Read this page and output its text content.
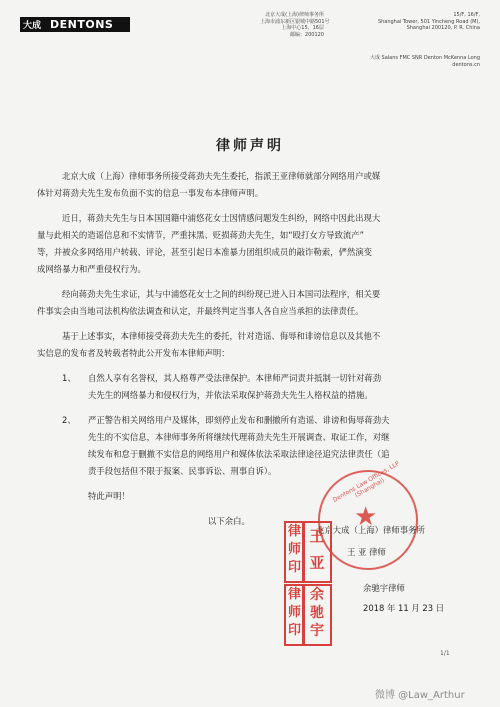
大成 DENTONS
北京大成(上海)律师事务所
上海市浦东新区银城中路501号
上海中心15、16层
邮编：200120
15/F, 16/F,
Shanghai Tower, 501 Yincheng Road (M),
Shanghai 200120, P. R. China
大成 Salans FMC SNR Denton McKenna Long
dentons.cn
律师声明
北京大成（上海）律师事务所接受蒋劲夫先生委托，指派王亚律师就部分网络用户或媒
体针对蒋劲夫先生发布负面不实的信息一事发布本律师声明。
近日，蒋劲夫先生与日本国国籍中浦悠花女士因情感问题发生纠纷，网络中因此出现大
量与此相关的造谣信息和不实情节，严重抹黑、贬损蒋劲夫先生，如“殴打女方导致流产”
等，并被众多网络用户转载、评论，甚至引起日本准暴力团组织成员的敲诈勒索，俨然演变
成网络暴力和严重侵权行为。
经向蒋劲夫先生求证，其与中浦悠花女士之间的纠纷现已进入日本国司法程序，相关要
件事实会由当地司法机构依法调查和认定，并最终判定当事人各自应当承担的法律责任。
基于上述事实，本律师接受蒋劲夫先生的委托，针对造谣、侮辱和诽谤信息以及其他不
实信息的发布者及转载者特此公开发布本律师声明：
1、 自然人享有名誉权，其人格尊严受法律保护。本律师严词责并抵制一切针对蒋劲
夫先生的网络暴力和侵权行为，并依法采取保护蒋劲夫先生人格权益的措施。
2、 严正警告相关网络用户及媒体，即刻停止发布和删撤所有造谣、诽谤和侮辱蒋劲夫
先生的不实信息，本律师事务所将继续代理蒋劲夫先生开展调查、取证工作，对继
续发布和怠于删撤不实信息的网络用户和媒体依法采取法律途径追究法律责任（追
责手段包括但不限于报案、民事诉讼、刑事自诉）。
特此声明！
以下余白。
Dentons Law Offices, LLP (Shanghai)
★
北京大成（上海）律师事务所
王 亚 律师
余驰宇律师
2018 年 11 月 23 日
律
师
印
王亚
律
师
印
余
驰
宇
1/1
微博 @Law_Arthur
